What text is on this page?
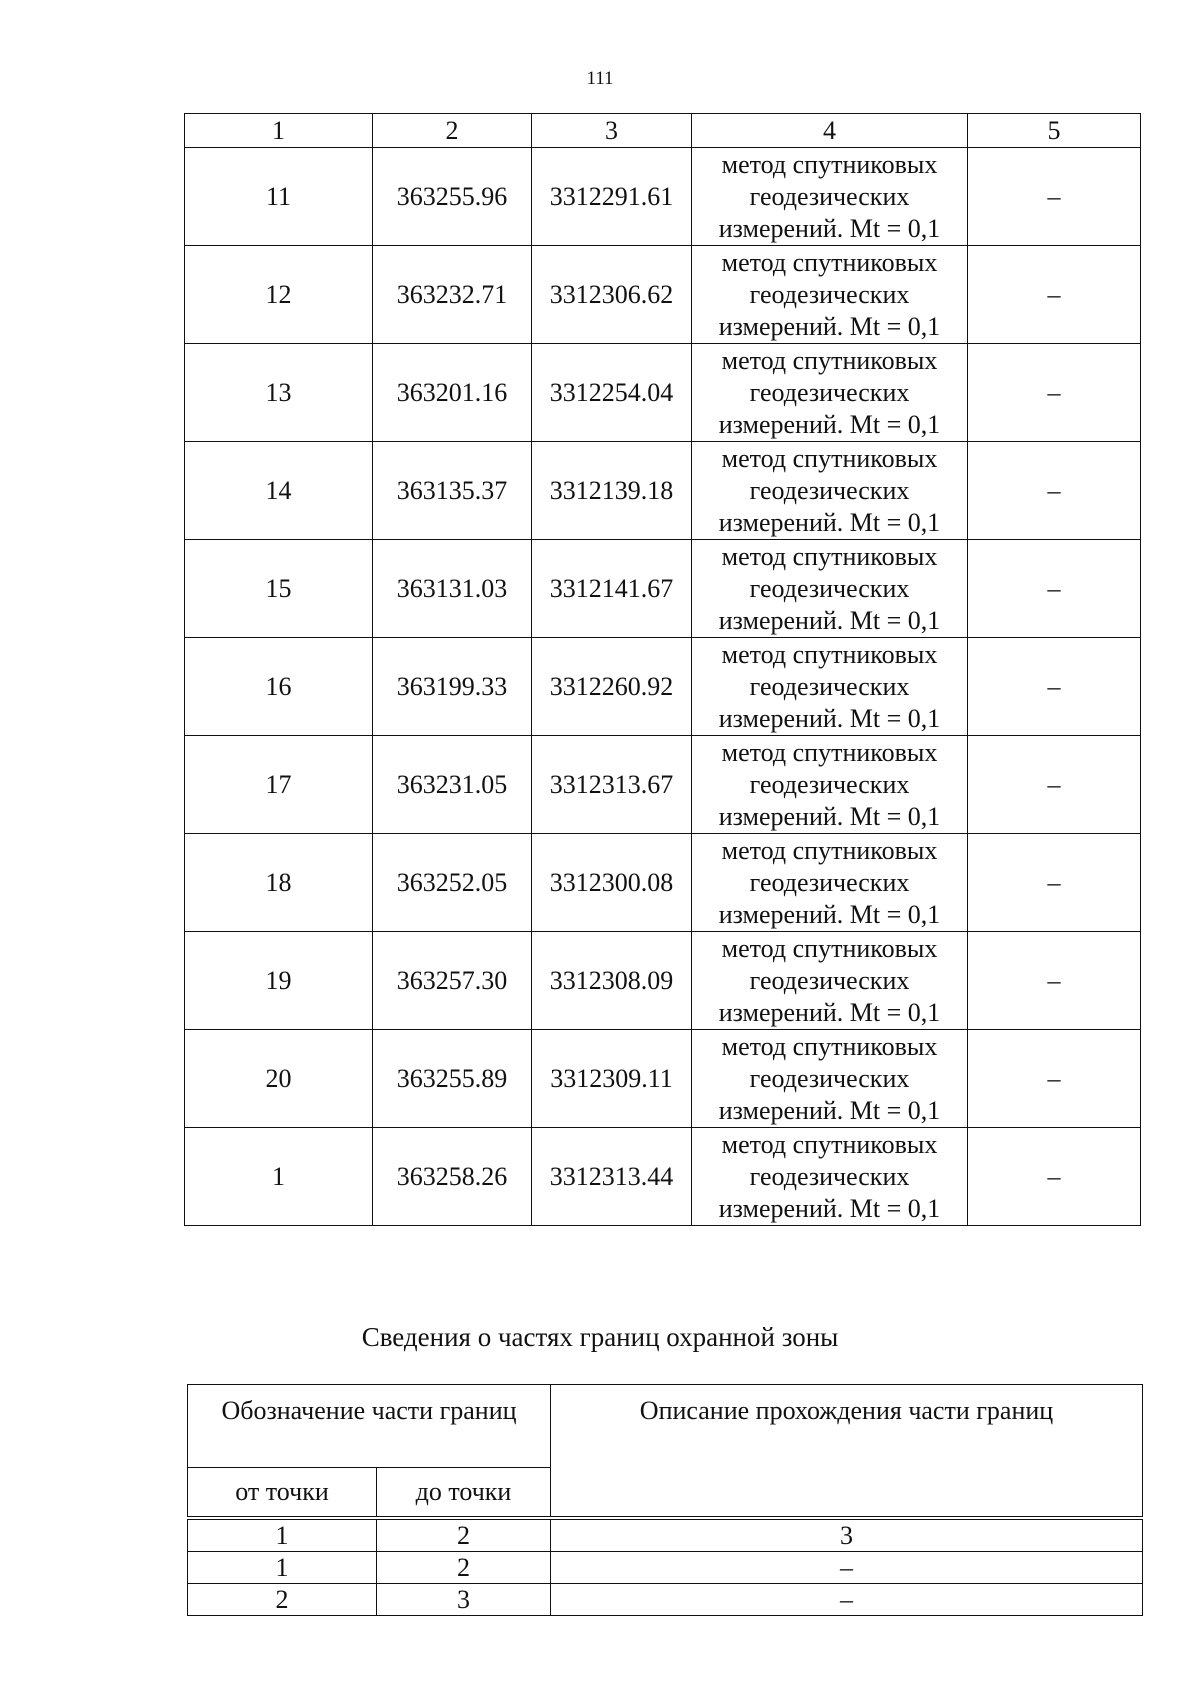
111
1	2	3	4	5
11	363255.96	3312291.61	метод спутниковых
геодезических
измерений. Mt = 0,1	–
12	363232.71	3312306.62	метод спутниковых
геодезических
измерений. Mt = 0,1	–
13	363201.16	3312254.04	метод спутниковых
геодезических
измерений. Mt = 0,1	–
14	363135.37	3312139.18	метод спутниковых
геодезических
измерений. Mt = 0,1	–
15	363131.03	3312141.67	метод спутниковых
геодезических
измерений. Mt = 0,1	–
16	363199.33	3312260.92	метод спутниковых
геодезических
измерений. Mt = 0,1	–
17	363231.05	3312313.67	метод спутниковых
геодезических
измерений. Mt = 0,1	–
18	363252.05	3312300.08	метод спутниковых
геодезических
измерений. Mt = 0,1	–
19	363257.30	3312308.09	метод спутниковых
геодезических
измерений. Mt = 0,1	–
20	363255.89	3312309.11	метод спутниковых
геодезических
измерений. Mt = 0,1	–
1	363258.26	3312313.44	метод спутниковых
геодезических
измерений. Mt = 0,1	–
Сведения о частях границ охранной зоны
Обозначение части границ		Описание прохождения части границ
от точки	до точки	
1	2	3
1	2	–
2	3	–
